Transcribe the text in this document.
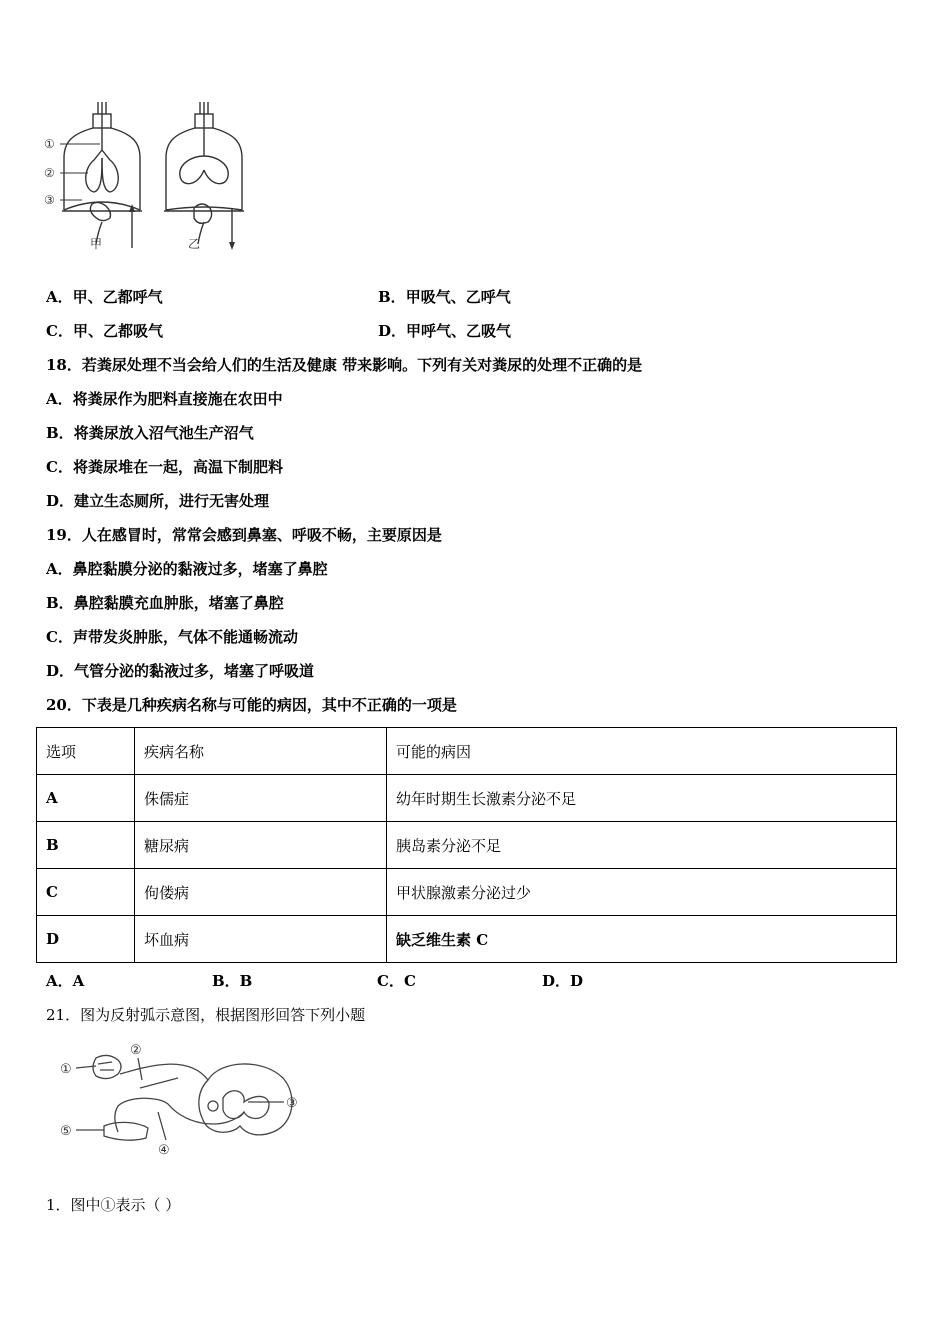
①
②
③
甲	乙
A．甲、乙都呼气	B．甲吸气、乙呼气
C．甲、乙都吸气	D．甲呼气、乙吸气
18．若粪尿处理不当会给人们的生活及健康 带来影响。下列有关对粪尿的处理不正确的是
A．将粪尿作为肥料直接施在农田中
B．将粪尿放入沼气池生产沼气
C．将粪尿堆在一起，高温下制肥料
D．建立生态厕所，进行无害处理
19．人在感冒时，常常会感到鼻塞、呼吸不畅，主要原因是
A．鼻腔黏膜分泌的黏液过多，堵塞了鼻腔
B．鼻腔黏膜充血肿胀，堵塞了鼻腔
C．声带发炎肿胀，气体不能通畅流动
D．气管分泌的黏液过多，堵塞了呼吸道
20．下表是几种疾病名称与可能的病因，其中不正确的一项是
选项	疾病名称	可能的病因
A	侏儒症	幼年时期生长激素分泌不足
B	糖尿病	胰岛素分泌不足
C	佝偻病	甲状腺激素分泌过少
D	坏血病	缺乏维生素 C
A．A	B．B	C．C	D．D
21．图为反射弧示意图，根据图形回答下列小题
①
②
③
④
⑤
1．图中①表示（ ）
